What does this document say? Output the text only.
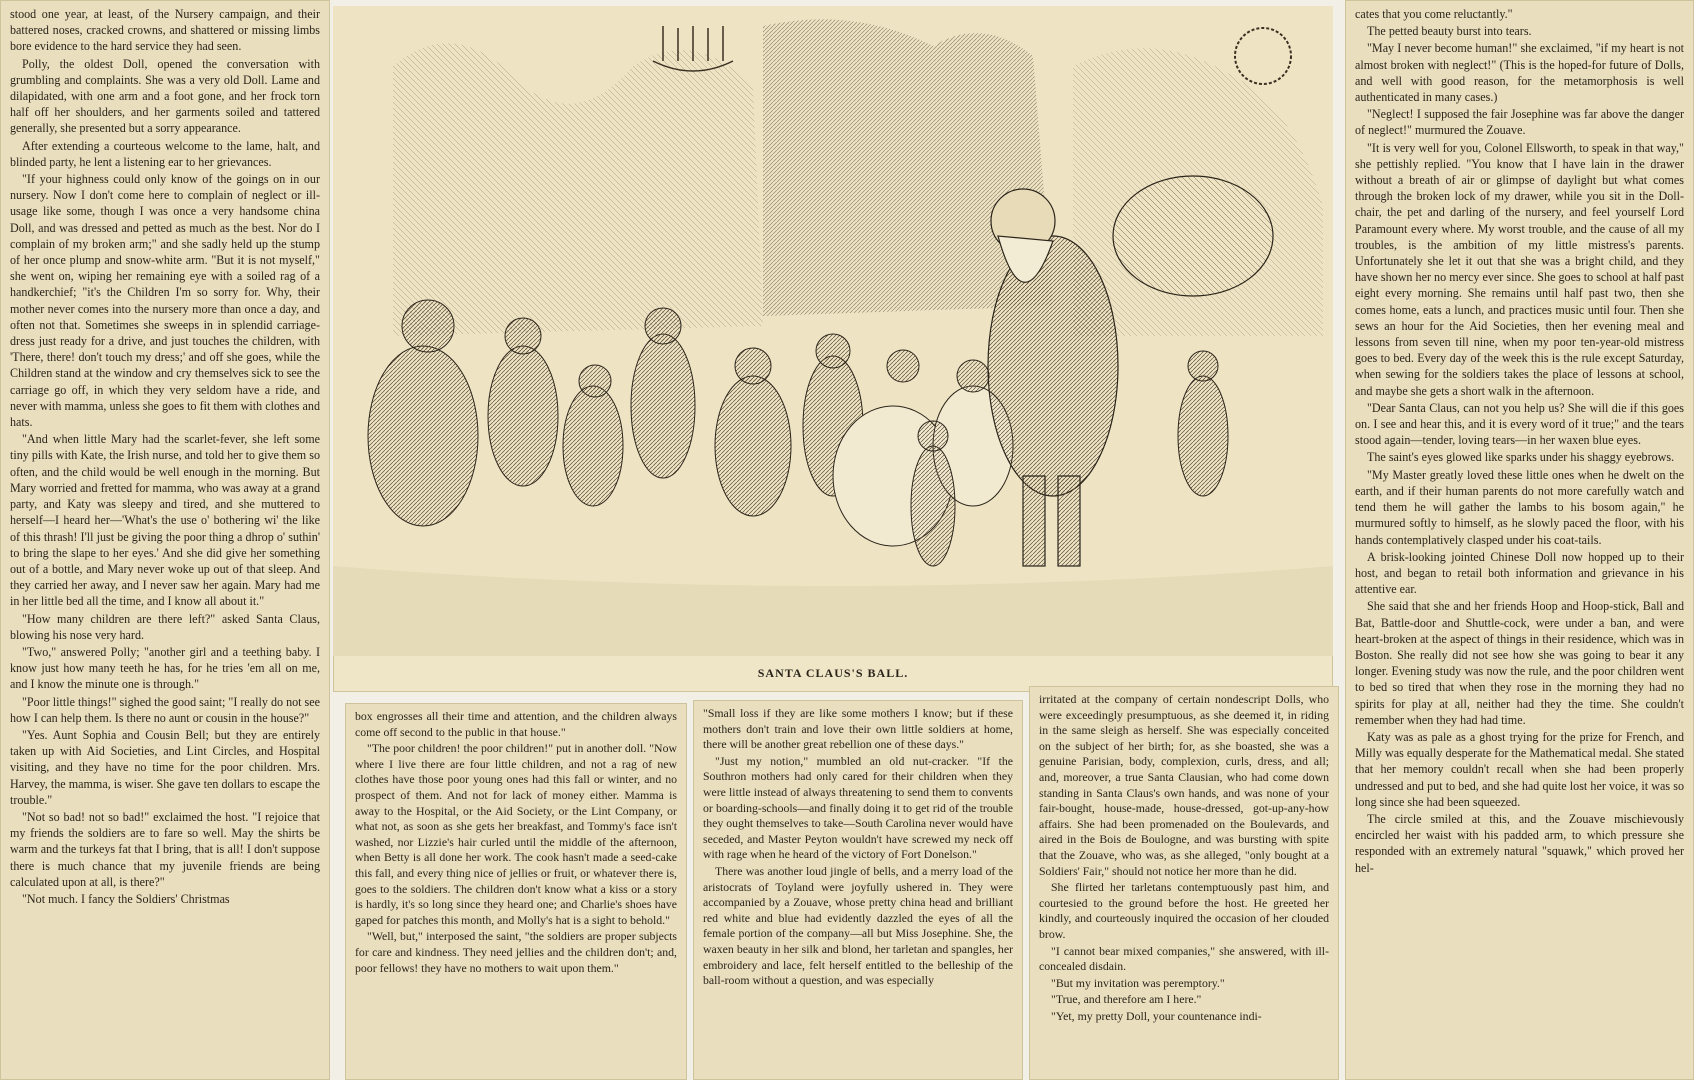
stood one year, at least, of the Nursery campaign, and their battered noses, cracked crowns, and shattered or missing limbs bore evidence to the hard service they had seen.

Polly, the oldest Doll, opened the conversation with grumbling and complaints. She was a very old Doll. Lame and dilapidated, with one arm and a foot gone, and her frock torn half off her shoulders, and her garments soiled and tattered generally, she presented but a sorry appearance.

After extending a courteous welcome to the lame, halt, and blinded party, he lent a listening ear to her grievances.

"If your highness could only know of the goings on in our nursery. Now I don't come here to complain of neglect or ill-usage like some, though I was once a very handsome china Doll, and was dressed and petted as much as the best. Nor do I complain of my broken arm;" and she sadly held up the stump of her once plump and snow-white arm. "But it is not myself," she went on, wiping her remaining eye with a soiled rag of a handkerchief; "it's the Children I'm so sorry for. Why, their mother never comes into the nursery more than once a day, and often not that. Sometimes she sweeps in in splendid carriage-dress just ready for a drive, and just touches the children, with 'There, there! don't touch my dress;' and off she goes, while the Children stand at the window and cry themselves sick to see the carriage go off, in which they very seldom have a ride, and never with mamma, unless she goes to fit them with clothes and hats.

"And when little Mary had the scarlet-fever, she left some tiny pills with Kate, the Irish nurse, and told her to give them so often, and the child would be well enough in the morning. But Mary worried and fretted for mamma, who was away at a grand party, and Katy was sleepy and tired, and she muttered to herself—I heard her—'What's the use o' bothering wi' the like of this thrash! I'll just be giving the poor thing a dhrop o' suthin' to bring the slape to her eyes.' And she did give her something out of a bottle, and Mary never woke up out of that sleep. And they carried her away, and I never saw her again. Mary had me in her little bed all the time, and I know all about it."

"How many children are there left?" asked Santa Claus, blowing his nose very hard.

"Two," answered Polly; "another girl and a teething baby. I know just how many teeth he has, for he tries 'em all on me, and I know the minute one is through."

"Poor little things!" sighed the good saint; "I really do not see how I can help them. Is there no aunt or cousin in the house?"

"Yes. Aunt Sophia and Cousin Bell; but they are entirely taken up with Aid Societies, and Lint Circles, and Hospital visiting, and they have no time for the poor children. Mrs. Harvey, the mamma, is wiser. She gave ten dollars to escape the trouble."

"Not so bad! not so bad!" exclaimed the host. "I rejoice that my friends the soldiers are to fare so well. May the shirts be warm and the turkeys fat that I bring, that is all! I don't suppose there is much chance that my juvenile friends are being calculated upon at all, is there?"

"Not much. I fancy the Soldiers' Christmas

SANTA CLAUS'S BALL.

box engrosses all their time and attention, and the children always come off second to the public in that house."

"The poor children! the poor children!" put in another doll. "Now where I live there are four little children, and not a rag of new clothes have those poor young ones had this fall or winter, and no prospect of them. And not for lack of money either. Mamma is away to the Hospital, or the Aid Society, or the Lint Company, or what not, as soon as she gets her breakfast, and Tommy's face isn't washed, nor Lizzie's hair curled until the middle of the afternoon, when Betty is all done her work. The cook hasn't made a seed-cake this fall, and every thing nice of jellies or fruit, or whatever there is, goes to the soldiers. The children don't know what a kiss or a story is hardly, it's so long since they heard one; and Charlie's shoes have gaped for patches this month, and Molly's hat is a sight to behold."

"Well, but," interposed the saint, "the soldiers are proper subjects for care and kindness. They need jellies and the children don't; and, poor fellows! they have no mothers to wait upon them."

"Small loss if they are like some mothers I know; but if these mothers don't train and love their own little soldiers at home, there will be another great rebellion one of these days."

"Just my notion," mumbled an old nut-cracker. "If the Southron mothers had only cared for their children when they were little instead of always threatening to send them to convents or boarding-schools—and finally doing it to get rid of the trouble they ought themselves to take—South Carolina never would have seceded, and Master Peyton wouldn't have screwed my neck off with rage when he heard of the victory of Fort Donelson."

There was another loud jingle of bells, and a merry load of the aristocrats of Toyland were joyfully ushered in. They were accompanied by a Zouave, whose pretty china head and brilliant red white and blue had evidently dazzled the eyes of all the female portion of the company—all but Miss Josephine. She, the waxen beauty in her silk and blond, her tarletan and spangles, her embroidery and lace, felt herself entitled to the belleship of the ball-room without a question, and was especially

irritated at the company of certain nondescript Dolls, who were exceedingly presumptuous, as she deemed it, in riding in the same sleigh as herself. She was especially conceited on the subject of her birth; for, as she boasted, she was a genuine Parisian, body, complexion, curls, dress, and all; and, moreover, a true Santa Clausian, who had come down standing in Santa Claus's own hands, and was none of your fair-bought, house-made, house-dressed, got-up-any-how affairs. She had been promenaded on the Boulevards, and aired in the Bois de Boulogne, and was bursting with spite that the Zouave, who was, as she alleged, "only bought at a Soldiers' Fair," should not notice her more than he did.

She flirted her tarletans contemptuously past him, and courtesied to the ground before the host. He greeted her kindly, and courteously inquired the occasion of her clouded brow.

"I cannot bear mixed companies," she answered, with ill-concealed disdain.

"But my invitation was peremptory."

"True, and therefore am I here."

"Yet, my pretty Doll, your countenance indi-

cates that you come reluctantly."

The petted beauty burst into tears.

"May I never become human!" she exclaimed, "if my heart is not almost broken with neglect!" (This is the hoped-for future of Dolls, and well with good reason, for the metamorphosis is well authenticated in many cases.)

"Neglect! I supposed the fair Josephine was far above the danger of neglect!" murmured the Zouave.

"It is very well for you, Colonel Ellsworth, to speak in that way," she pettishly replied. "You know that I have lain in the drawer without a breath of air or glimpse of daylight but what comes through the broken lock of my drawer, while you sit in the Doll-chair, the pet and darling of the nursery, and feel yourself Lord Paramount every where. My worst trouble, and the cause of all my troubles, is the ambition of my little mistress's parents. Unfortunately she let it out that she was a bright child, and they have shown her no mercy ever since. She goes to school at half past eight every morning. She remains until half past two, then she comes home, eats a lunch, and practices music until four. Then she sews an hour for the Aid Societies, then her evening meal and lessons from seven till nine, when my poor ten-year-old mistress goes to bed. Every day of the week this is the rule except Saturday, when sewing for the soldiers takes the place of lessons at school, and maybe she gets a short walk in the afternoon.

"Dear Santa Claus, can not you help us? She will die if this goes on. I see and hear this, and it is every word of it true;" and the tears stood again—tender, loving tears—in her waxen blue eyes.

The saint's eyes glowed like sparks under his shaggy eyebrows.

"My Master greatly loved these little ones when he dwelt on the earth, and if their human parents do not more carefully watch and tend them he will gather the lambs to his bosom again," he murmured softly to himself, as he slowly paced the floor, with his hands contemplatively clasped under his coat-tails.

A brisk-looking jointed Chinese Doll now hopped up to their host, and began to retail both information and grievance in his attentive ear.

She said that she and her friends Hoop and Hoop-stick, Ball and Bat, Battle-door and Shuttle-cock, were under a ban, and were heart-broken at the aspect of things in their residence, which was in Boston. She really did not see how she was going to bear it any longer. Evening study was now the rule, and the poor children went to bed so tired that when they rose in the morning they had no spirits for play at all, neither had they the time. She couldn't remember when they had had time.

Katy was as pale as a ghost trying for the prize for French, and Milly was equally desperate for the Mathematical medal. She stated that her memory couldn't recall when she had been properly undressed and put to bed, and she had quite lost her voice, it was so long since she had been squeezed.

The circle smiled at this, and the Zouave mischievously encircled her waist with his padded arm, to which pressure she responded with an extremely natural "squawk," which proved her hel-
